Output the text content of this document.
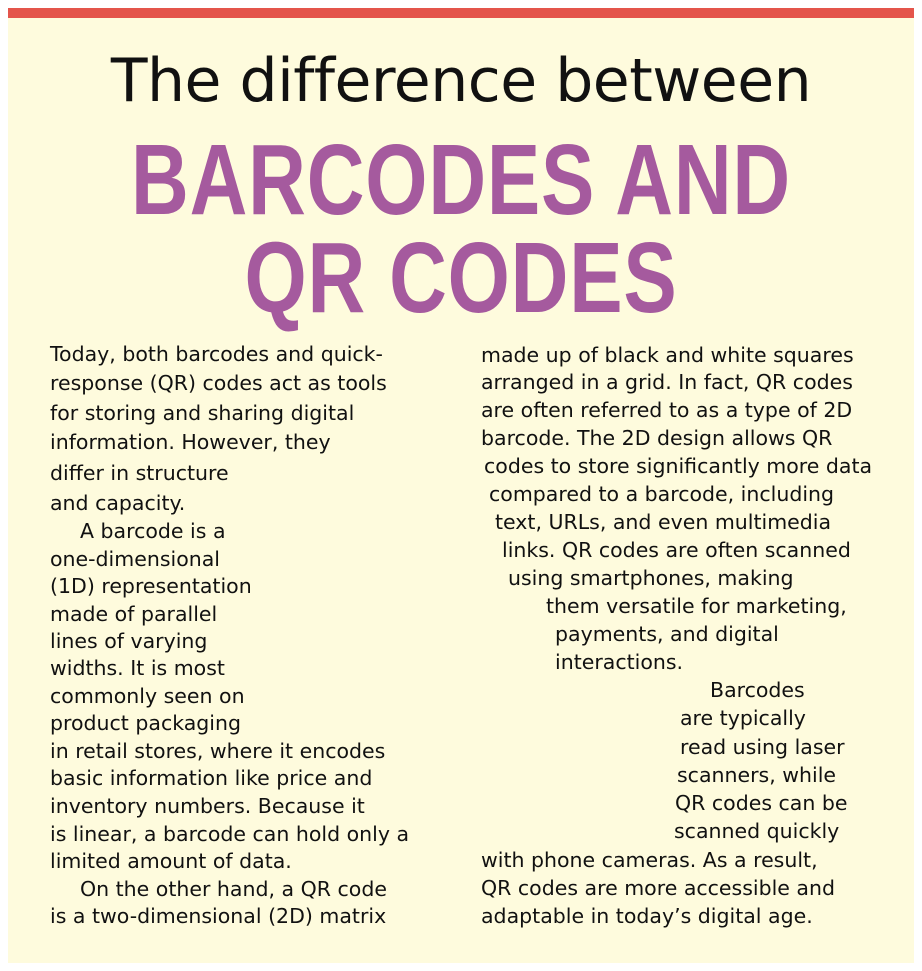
The difference between
BARCODES AND
QR CODES
Today, both barcodes and quick-
response (QR) codes act as tools
for storing and sharing digital
information. However, they
differ in structure
and capacity.
A barcode is a
one-dimensional
(1D) representation
made of parallel
lines of varying
widths. It is most
commonly seen on
product packaging
in retail stores, where it encodes
basic information like price and
inventory numbers. Because it
is linear, a barcode can hold only a
limited amount of data.
On the other hand, a QR code
is a two-dimensional (2D) matrix
made up of black and white squares
arranged in a grid. In fact, QR codes
are often referred to as a type of 2D
barcode. The 2D design allows QR
codes to store significantly more data
compared to a barcode, including
text, URLs, and even multimedia
links. QR codes are often scanned
using smartphones, making
them versatile for marketing,
payments, and digital
interactions.
Barcodes
are typically
read using laser
scanners, while
QR codes can be
scanned quickly
with phone cameras. As a result,
QR codes are more accessible and
adaptable in today’s digital age.
